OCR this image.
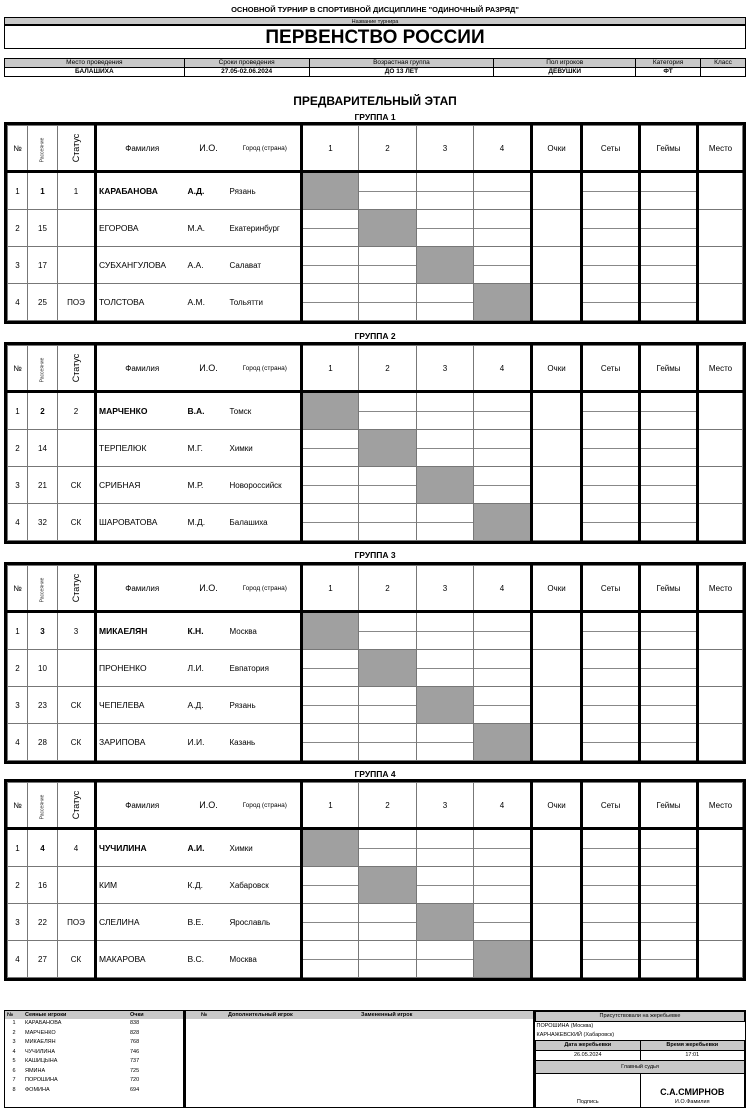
ОСНОВНОЙ ТУРНИР В СПОРТИВНОЙ ДИСЦИПЛИНЕ "ОДИНОЧНЫЙ РАЗРЯД"
Название турнира
ПЕРВЕНСТВО РОССИИ
Место проведения	Сроки проведения	Возрастная группа	Пол игроков	Категория	Класс
БАЛАШИХА	27.05-02.06.2024	ДО 13 ЛЕТ	ДЕВУШКИ	ФТ	
ПРЕДВАРИТЕЛЬНЫЙ ЭТАП
ГРУППА 1
№	Рассеяние	Статус	Фамилия	И.О.	Город (страна)	1	2	3	4	Очки	Сеты	Геймы	Место
1	1	1	КАРАБАНОВА	А.Д.	Рязань								
2	15		ЕГОРОВА	М.А.	Екатеринбург								
3	17		СУБХАНГУЛОВА	А.А.	Салават								
4	25	ПОЭ	ТОЛСТОВА	А.М.	Тольятти								
ГРУППА 2
№	Рассеяние	Статус	Фамилия	И.О.	Город (страна)	1	2	3	4	Очки	Сеты	Геймы	Место
1	2	2	МАРЧЕНКО	В.А.	Томск								
2	14		ТЕРПЕЛЮК	М.Г.	Химки								
3	21	СК	СРИБНАЯ	М.Р.	Новороссийск								
4	32	СК	ШАРОВАТОВА	М.Д.	Балашиха								
ГРУППА 3
№	Рассеяние	Статус	Фамилия	И.О.	Город (страна)	1	2	3	4	Очки	Сеты	Геймы	Место
1	3	3	МИКАЕЛЯН	К.Н.	Москва								
2	10		ПРОНЕНКО	Л.И.	Евпатория								
3	23	СК	ЧЕПЕЛЕВА	А.Д.	Рязань								
4	28	СК	ЗАРИПОВА	И.И.	Казань								
ГРУППА 4
№	Рассеяние	Статус	Фамилия	И.О.	Город (страна)	1	2	3	4	Очки	Сеты	Геймы	Место
1	4	4	ЧУЧИЛИНА	А.И.	Химки								
2	16		КИМ	К.Д.	Хабаровск								
3	22	ПОЭ	СЛЕЛИНА	В.Е.	Ярославль								
4	27	СК	МАКАРОВА	В.С.	Москва								
№	Сеяные игроки	Очки
1	КАРАБАНОВА	838
2	МАРЧЕНКО	828
3	МИКАЕЛЯН	768
4	ЧУЧИЛИНА	746
5	КАШИЦЫНА	737
6	ЯМИНА	725
7	ПОРОШИНА	720
8	ФОМИНА	694
№	Дополнительный игрок	Замененный игрок	Присутствовали на жеребьевке	
ПОРОШИНА (Москва)	
КАРНАЖЕВСКИЙ (Хабаровск)	
Дата жеребьевки	Время жеребьевки
26.05.2024	17:01
Главный судья	
Подпись	С.А.СМИРНОВ
И.О.Фамилия
